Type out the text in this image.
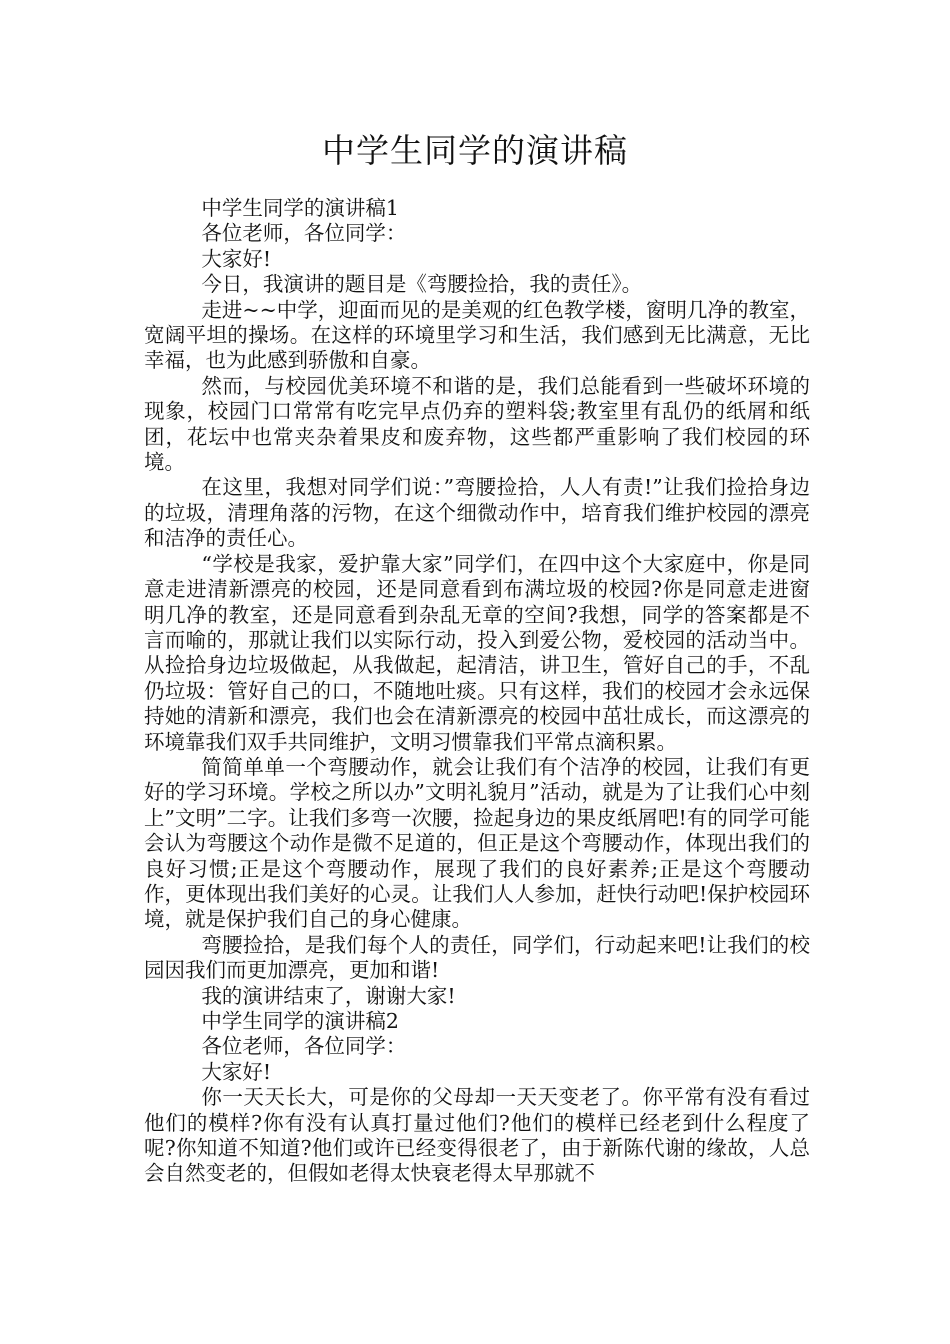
中学生同学的演讲稿

中学生同学的演讲稿1

各位老师，各位同学：

大家好!

今日，我演讲的题目是《弯腰捡拾，我的责任》。

走进~~中学，迎面而见的是美观的红色教学楼，窗明几净的教室，宽阔平坦的操场。在这样的环境里学习和生活，我们感到无比满意，无比幸福，也为此感到骄傲和自豪。

然而，与校园优美环境不和谐的是，我们总能看到一些破坏环境的现象，校园门口常常有吃完早点仍弃的塑料袋;教室里有乱仍的纸屑和纸团，花坛中也常夹杂着果皮和废弃物，这些都严重影响了我们校园的环境。

在这里，我想对同学们说：”弯腰捡拾，人人有责!”让我们捡拾身边的垃圾，清理角落的污物，在这个细微动作中，培育我们维护校园的漂亮和洁净的责任心。

“学校是我家，爱护靠大家”同学们，在四中这个大家庭中，你是同意走进清新漂亮的校园，还是同意看到布满垃圾的校园?你是同意走进窗明几净的教室，还是同意看到杂乱无章的空间?我想，同学的答案都是不言而喻的，那就让我们以实际行动，投入到爱公物，爱校园的活动当中。从捡拾身边垃圾做起，从我做起，起清洁，讲卫生，管好自己的手，不乱仍垃圾：管好自己的口，不随地吐痰。只有这样，我们的校园才会永远保持她的清新和漂亮，我们也会在清新漂亮的校园中茁壮成长，而这漂亮的环境靠我们双手共同维护，文明习惯靠我们平常点滴积累。

简简单单一个弯腰动作，就会让我们有个洁净的校园，让我们有更好的学习环境。学校之所以办”文明礼貌月”活动，就是为了让我们心中刻上”文明”二字。让我们多弯一次腰，捡起身边的果皮纸屑吧!有的同学可能会认为弯腰这个动作是微不足道的，但正是这个弯腰动作，体现出我们的良好习惯;正是这个弯腰动作，展现了我们的良好素养;正是这个弯腰动作，更体现出我们美好的心灵。让我们人人参加，赶快行动吧!保护校园环境，就是保护我们自己的身心健康。

弯腰捡拾，是我们每个人的责任，同学们，行动起来吧!让我们的校园因我们而更加漂亮，更加和谐!

我的演讲结束了，谢谢大家!

中学生同学的演讲稿2

各位老师，各位同学：

大家好!

你一天天长大，可是你的父母却一天天变老了。你平常有没有看过他们的模样?你有没有认真打量过他们?他们的模样已经老到什么程度了呢?你知道不知道?他们或许已经变得很老了，由于新陈代谢的缘故，人总会自然变老的，但假如老得太快衰老得太早那就不
